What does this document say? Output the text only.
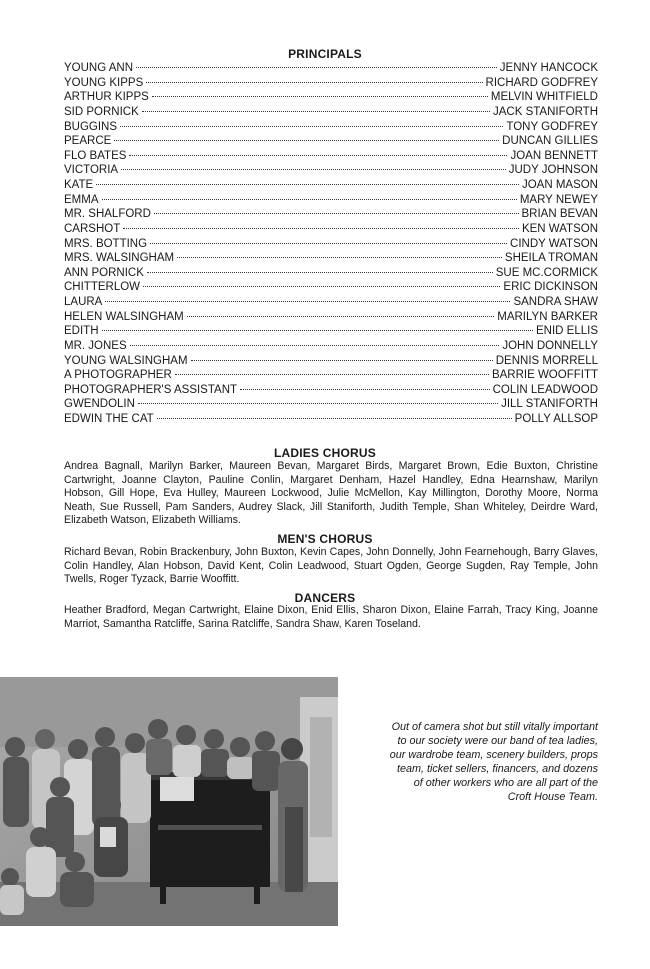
PRINCIPALS
YOUNG ANN	JENNY HANCOCK
YOUNG KIPPS	RICHARD GODFREY
ARTHUR KIPPS	MELVIN WHITFIELD
SID PORNICK	JACK STANIFORTH
BUGGINS	TONY GODFREY
PEARCE	DUNCAN GILLIES
FLO BATES	JOAN BENNETT
VICTORIA	JUDY JOHNSON
KATE	JOAN MASON
EMMA	MARY NEWEY
MR. SHALFORD	BRIAN BEVAN
CARSHOT	KEN WATSON
MRS. BOTTING	CINDY WATSON
MRS. WALSINGHAM	SHEILA TROMAN
ANN PORNICK	SUE MC.CORMICK
CHITTERLOW	ERIC DICKINSON
LAURA	SANDRA SHAW
HELEN WALSINGHAM	MARILYN BARKER
EDITH	ENID ELLIS
MR. JONES	JOHN DONNELLY
YOUNG WALSINGHAM	DENNIS MORRELL
A PHOTOGRAPHER	BARRIE WOOFFITT
PHOTOGRAPHER'S ASSISTANT	COLIN LEADWOOD
GWENDOLIN	JILL STANIFORTH
EDWIN THE CAT	POLLY ALLSOP
LADIES CHORUS

Andrea Bagnall, Marilyn Barker, Maureen Bevan, Margaret Birds, Margaret Brown, Edie Buxton, Christine Cartwright, Joanne Clayton, Pauline Conlin, Margaret Denham, Hazel Handley, Edna Hearnshaw, Marilyn Hobson, Gill Hope, Eva Hulley, Maureen Lockwood, Julie McMellon, Kay Millington, Dorothy Moore, Norma Neath, Sue Russell, Pam Sanders, Audrey Slack, Jill Staniforth, Judith Temple, Shan Whiteley, Deirdre Ward, Elizabeth Watson, Elizabeth Williams.

MEN'S CHORUS

Richard Bevan, Robin Brackenbury, John Buxton, Kevin Capes, John Donnelly, John Fearnehough, Barry Glaves, Colin Handley, Alan Hobson, David Kent, Colin Leadwood, Stuart Ogden, George Sugden, Ray Temple, John Twells, Roger Tyzack, Barrie Wooffitt.

DANCERS

Heather Bradford, Megan Cartwright, Elaine Dixon, Enid Ellis, Sharon Dixon, Elaine Farrah, Tracy King, Joanne Marriot, Samantha Ratcliffe, Sarina Ratcliffe, Sandra Shaw, Karen Toseland.

Out of camera shot but still vitally important to our society were our band of tea ladies, our wardrobe team, scenery builders, props team, ticket sellers, financers, and dozens of other workers who are all part of the Croft House Team.
